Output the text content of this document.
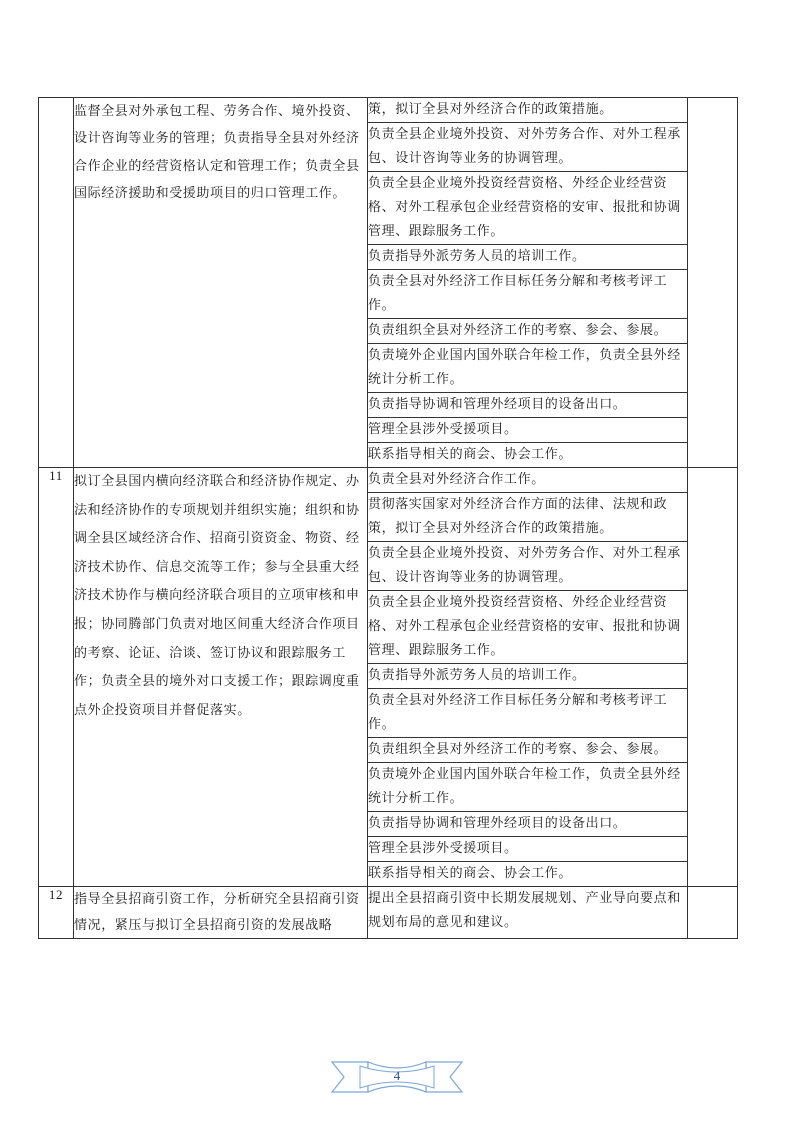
	监督全县对外承包工程、劳务合作、境外投资、设计咨询等业务的管理；负责指导全县对外经济合作企业的经营资格认定和管理工作；负责全县国际经济援助和受援助项目的归口管理工作。	策，拟订全县对外经济合作的政策措施。	
		负责全县企业境外投资、对外劳务合作、对外工程承包、设计咨询等业务的协调管理。	
		负责全县企业境外投资经营资格、外经企业经营资格、对外工程承包企业经营资格的安审、报批和协调管理、跟踪服务工作。	
		负责指导外派劳务人员的培训工作。	
		负责全县对外经济工作目标任务分解和考核考评工作。	
		负责组织全县对外经济工作的考察、参会、参展。	
		负责境外企业国内国外联合年检工作，负责全县外经统计分析工作。	
		负责指导协调和管理外经项目的设备出口。	
		管理全县涉外受援项目。	
		联系指导相关的商会、协会工作。	
11	拟订全县国内横向经济联合和经济协作规定、办法和经济协作的专项规划并组织实施；组织和协调全县区域经济合作、招商引资资金、物资、经济技术协作、信息交流等工作；参与全县重大经济技术协作与横向经济联合项目的立项审核和申报；协同腾部门负责对地区间重大经济合作项目的考察、论证、洽谈、签订协议和跟踪服务工作；负责全县的境外对口支援工作；跟踪调度重点外企投资项目并督促落实。	负责全县对外经济合作工作。	
		贯彻落实国家对外经济合作方面的法律、法规和政策，拟订全县对外经济合作的政策措施。	
		负责全县企业境外投资、对外劳务合作、对外工程承包、设计咨询等业务的协调管理。	
		负责全县企业境外投资经营资格、外经企业经营资格、对外工程承包企业经营资格的安审、报批和协调管理、跟踪服务工作。	
		负责指导外派劳务人员的培训工作。	
		负责全县对外经济工作目标任务分解和考核考评工作。	
		负责组织全县对外经济工作的考察、参会、参展。	
		负责境外企业国内国外联合年检工作，负责全县外经统计分析工作。	
		负责指导协调和管理外经项目的设备出口。	
		管理全县涉外受援项目。	
		联系指导相关的商会、协会工作。	
12	指导全县招商引资工作，分析研究全县招商引资情况，紧压与拟订全县招商引资的发展战略	提出全县招商引资中长期发展规划、产业导向要点和规划布局的意见和建议。	
4
